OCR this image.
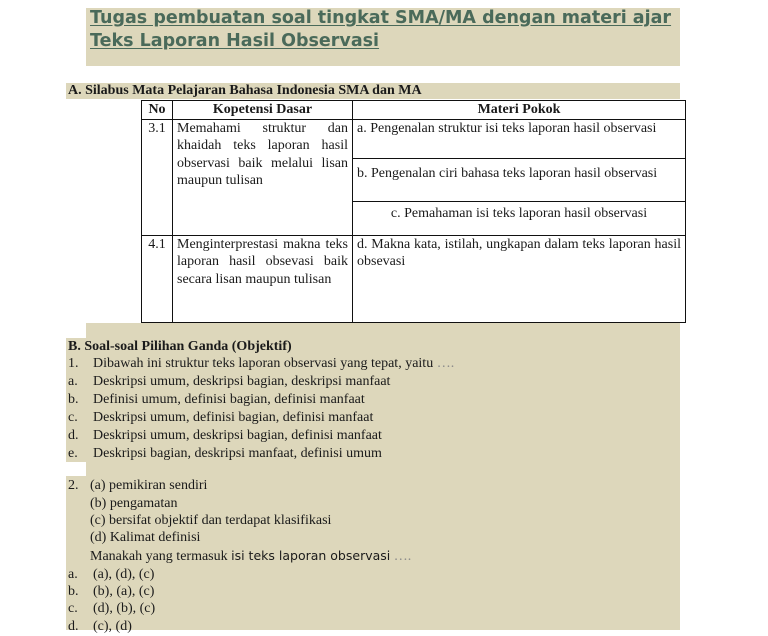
Tugas pembuatan soal tingkat SMA/MA dengan materi ajar Teks Laporan Hasil Observasi
A. Silabus Mata Pelajaran Bahasa Indonesia SMA dan MA
No	Kopetensi Dasar	Materi Pokok
3.1	Memahami struktur dan khaidah teks laporan hasil observasi baik melalui lisan maupun tulisan	a. Pengenalan struktur isi teks laporan hasil observasi
		b. Pengenalan ciri bahasa teks laporan hasil observasi
		c. Pemahaman isi teks laporan hasil observasi
4.1	Menginterprestasi makna teks laporan hasil obsevasi baik secara lisan maupun tulisan	d. Makna kata, istilah, ungkapan dalam teks laporan hasil obsevasi
B. Soal-soal Pilihan Ganda (Objektif)
1. Dibawah ini struktur teks laporan observasi yang tepat, yaitu ….
a. Deskripsi umum, deskripsi bagian, deskripsi manfaat
b. Definisi umum, definisi bagian, definisi manfaat
c. Deskripsi umum, definisi bagian, definisi manfaat
d. Deskripsi umum, deskripsi bagian, definisi manfaat
e. Deskripsi bagian, deskripsi manfaat, definisi umum
2. (a) pemikiran sendiri
(b) pengamatan
(c) bersifat objektif dan terdapat klasifikasi
(d) Kalimat definisi
Manakah yang termasuk isi teks laporan observasi ….
a. (a), (d), (c)
b. (b), (a), (c)
c. (d), (b), (c)
d. (c), (d)
